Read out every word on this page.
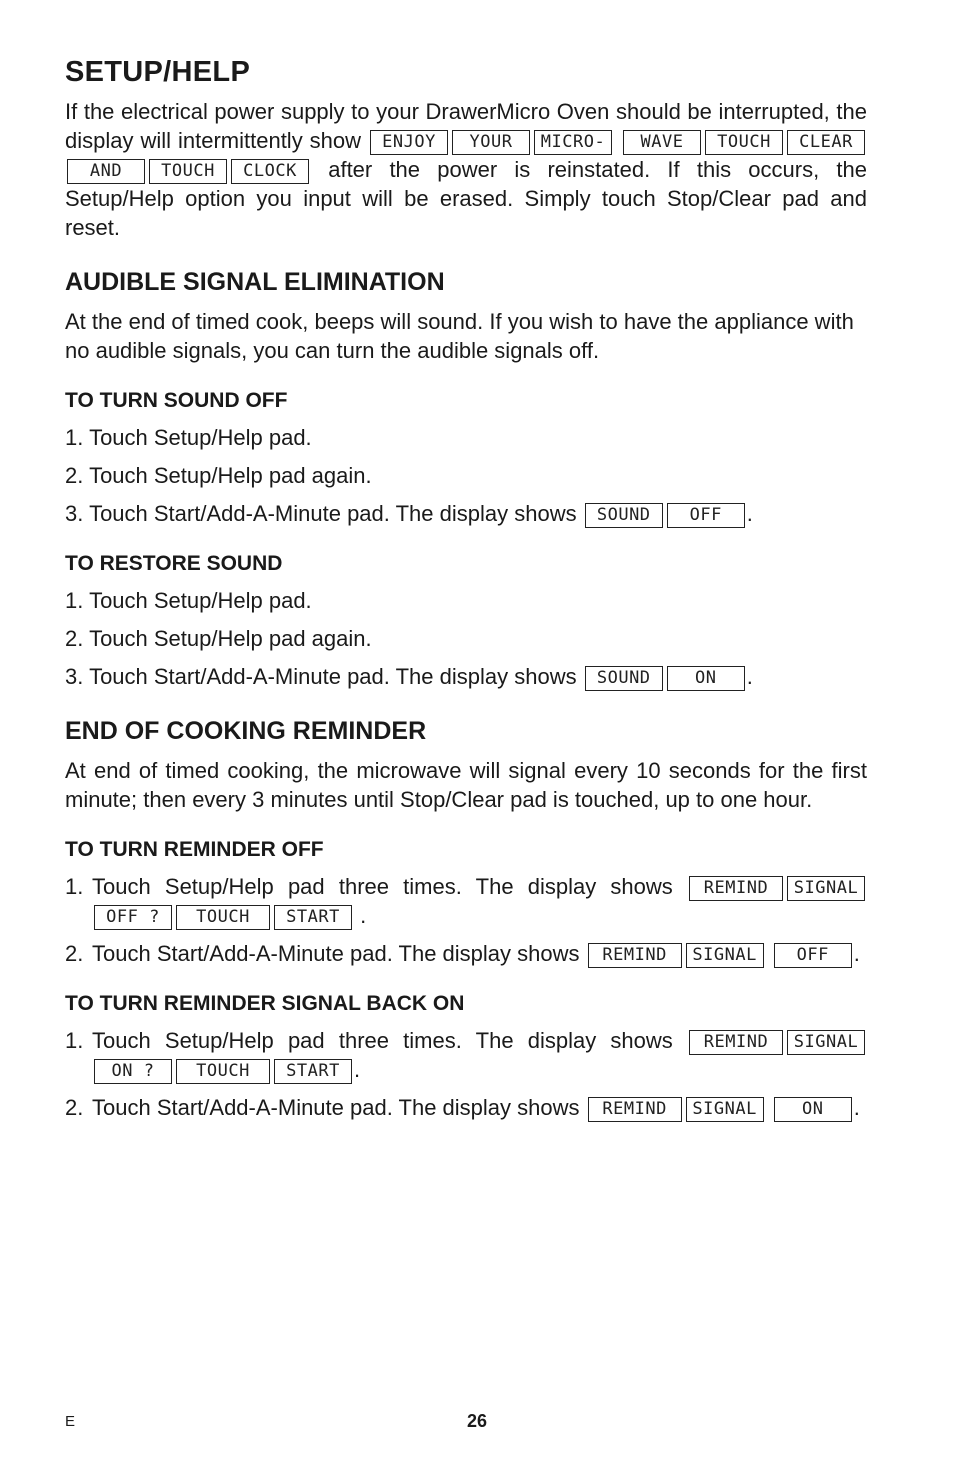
SETUP/HELP

If the electrical power supply to your DrawerMicro Oven should be interrupted, the display will intermittently show ENJOY YOUR MICRO- WAVE TOUCH CLEARAND TOUCH CLOCK after the power is reinstated. If this occurs, the Setup/Help option you input will be erased. Simply touch Stop/Clear pad and reset.

AUDIBLE SIGNAL ELIMINATION

At the end of timed cook, beeps will sound. If you wish to have the appliance with no audible signals, you can turn the audible signals off.

TO TURN SOUND OFF
1. Touch Setup/Help pad.
2. Touch Setup/Help pad again.
3. Touch Start/Add-A-Minute pad. The display shows SOUND OFF .
TO RESTORE SOUND
1. Touch Setup/Help pad.
2. Touch Setup/Help pad again.
3. Touch Start/Add-A-Minute pad. The display shows SOUND	ON .
END OF COOKING REMINDER

At end of timed cooking, the microwave will signal every 10 seconds for the first minute; then every 3 minutes until Stop/Clear pad is touched, up to one hour.

TO TURN REMINDER OFF
1. Touch Setup/Help pad three times. The display shows REMIND SIGNAL OFF ? TOUCH START .
2. Touch Start/Add-A-Minute pad. The display shows REMIND SIGNAL OFF .
TO TURN REMINDER SIGNAL BACK ON
1. Touch Setup/Help pad three times. The display shows REMIND SIGNAL ON ? TOUCH START .
2. Touch Start/Add-A-Minute pad. The display shows REMIND SIGNAL	ON .
E	26
